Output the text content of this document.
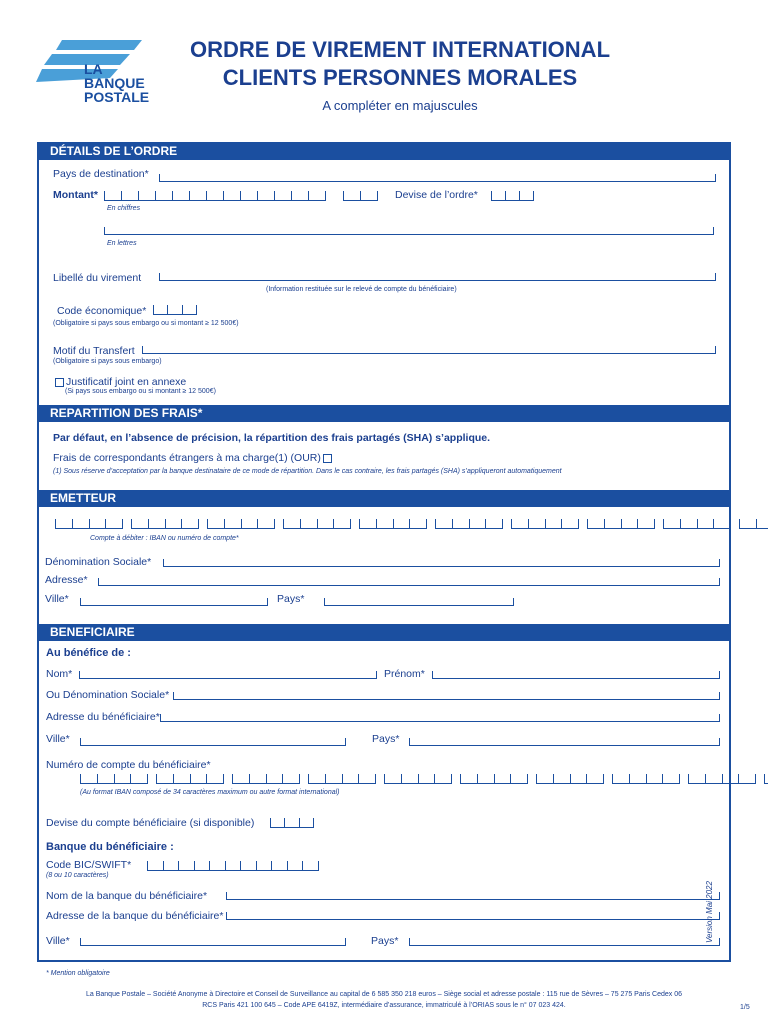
LA
BANQUE
POSTALE
ORDRE DE VIREMENT INTERNATIONAL
CLIENTS PERSONNES MORALES
A compléter en majuscules
DÉTAILS DE L’ORDRE
Pays de destination*
Montant*
En chiffres
Devise de l’ordre*
En lettres
Libellé du virement
(Information restituée sur le relevé de compte du bénéficiaire)
Code économique*
(Obligatoire si pays sous embargo ou si montant ≥ 12 500€)
Motif du Transfert
(Obligatoire si pays sous embargo)
Justificatif joint en annexe
(Si pays sous embargo ou si montant ≥ 12 500€)
REPARTITION DES FRAIS*
Par défaut, en l’absence de précision, la répartition des frais partagés (SHA) s’applique.
Frais de correspondants étrangers à ma charge(1) (OUR)
(1) Sous réserve d’acceptation par la banque destinataire de ce mode de répartition. Dans le cas contraire, les frais partagés (SHA) s’appliqueront automatiquement
EMETTEUR
Compte à débiter : IBAN ou numéro de compte*
Dénomination Sociale*
Adresse*
Ville*	Pays*
BENEFICIAIRE
Au bénéfice de :
Nom*	Prénom*
Ou Dénomination Sociale*
Adresse du bénéficiaire*
Ville*	Pays*
Numéro de compte du bénéficiaire*
(Au format IBAN composé de 34 caractères maximum ou autre format international)
Devise du compte bénéficiaire (si disponible)
Banque du bénéficiaire :
Code BIC/SWIFT*
(8 ou 10 caractères)
Nom de la banque du bénéficiaire*
Adresse de la banque du bénéficiaire*
Ville*	Pays*
* Mention obligatoire
Version Mai 2022
La Banque Postale – Société Anonyme à Directoire et Conseil de Surveillance au capital de 6 585 350 218 euros – Siège social et adresse postale : 115 rue de Sèvres – 75 275 Paris Cedex 06
RCS Paris 421 100 645 – Code APE 6419Z, intermédiaire d’assurance, immatriculé à l’ORIAS sous le n° 07 023 424.	1/5
